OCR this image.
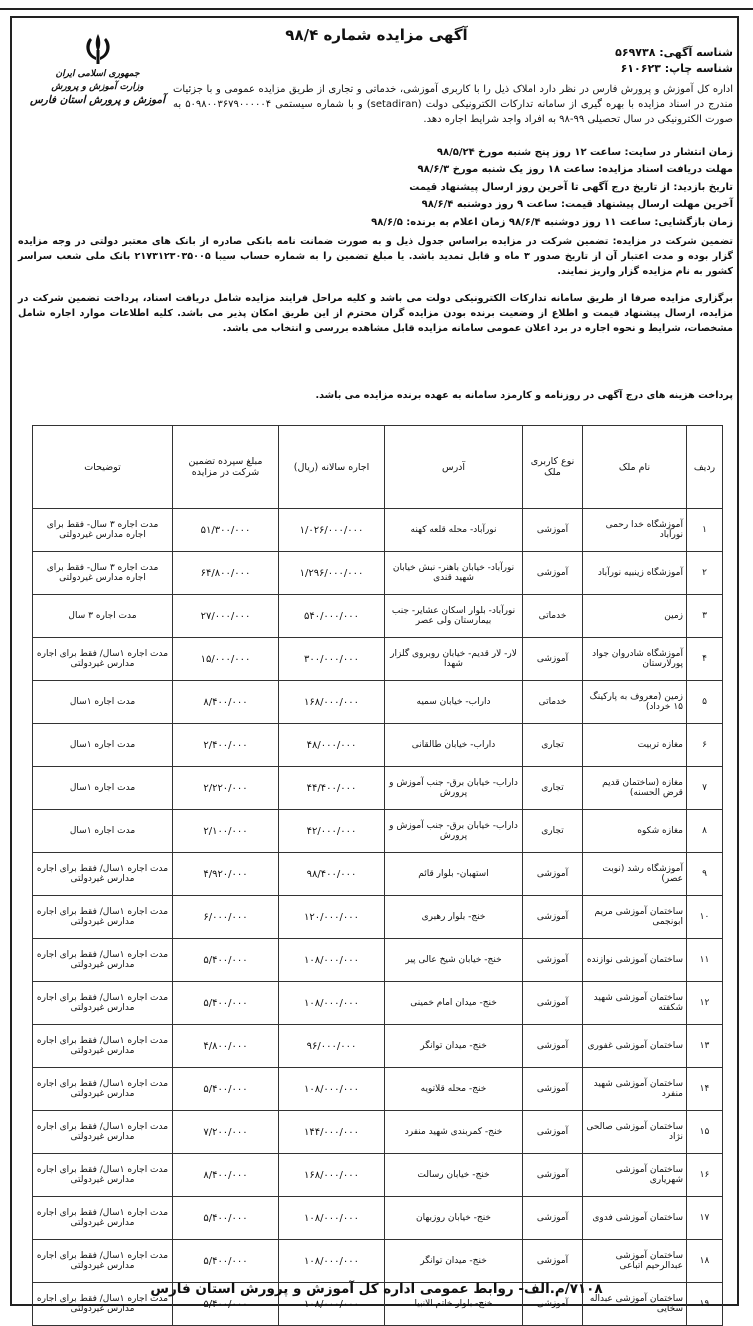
آگهی مزایده شماره ۹۸/۴
شناسه آگهی: ۵۶۹۷۳۸
شناسه چاپ: ۶۱۰۶۲۳
جمهوری اسلامی ایران
وزارت آموزش و پرورش
آموزش و پرورش استان فارس
اداره کل آموزش و پرورش فارس در نظر دارد املاک ذیل را با کاربری آموزشی، خدماتی و تجاری از طریق مزایده عمومی و با جزئیات مندرج در اسناد مزایده با بهره گیری از سامانه تدارکات الکترونیکی دولت (setadiran) و با شماره سیستمی ۵۰۹۸۰۰۳۶۷۹۰۰۰۰۰۴ به صورت الکترونیکی در سال تحصیلی ۹۹-۹۸ به افراد واجد شرایط اجاره دهد.
زمان انتشار در سایت: ساعت ۱۲ روز پنج شنبه مورخ ۹۸/۵/۲۴
مهلت دریافت اسناد مزایده: ساعت ۱۸ روز یک شنبه مورخ ۹۸/۶/۳
تاریخ بازدید: از تاریخ درج آگهی تا آخرین روز ارسال پیشنهاد قیمت
آخرین مهلت ارسال پیشنهاد قیمت: ساعت ۹ روز دوشنبه ۹۸/۶/۴
زمان بازگشایی: ساعت ۱۱ روز دوشنبه ۹۸/۶/۴ زمان اعلام به برنده: ۹۸/۶/۵
تضمین شرکت در مزایده: تضمین شرکت در مزایده براساس جدول ذیل و به صورت ضمانت نامه بانکی صادره از بانک های معتبر دولتی در وجه مزایده گزار بوده و مدت اعتبار آن از تاریخ صدور ۳ ماه و قابل تمدید باشد. یا مبلغ تضمین را به شماره حساب سیبا ۲۱۷۳۱۲۳۰۳۵۰۰۵ بانک ملی شعب سراسر کشور به نام مزایده گزار واریز نمایند.
برگزاری مزایده صرفا از طریق سامانه تدارکات الکترونیکی دولت می باشد و کلیه مراحل فرایند مزایده شامل دریافت اسناد، پرداخت تضمین شرکت در مزایده، ارسال پیشنهاد قیمت و اطلاع از وضعیت برنده بودن مزایده گران محترم از این طریق امکان پذیر می باشد. کلیه اطلاعات موارد اجاره شامل مشخصات، شرایط و نحوه اجاره در برد اعلان عمومی سامانه مزایده قابل مشاهده بررسی و انتخاب می باشد.
پرداخت هزینه های درج آگهی در روزنامه و کارمزد سامانه به عهده برنده مزایده می باشد.
ردیف	نام ملک	نوع کاربری ملک	آدرس	اجاره سالانه (ریال)	مبلغ سپرده تضمین شرکت در مزایده	توضیحات
۱	آموزشگاه خدا رحمی نورآباد	آموزشی	نورآباد- محله قلعه کهنه	۱/۰۲۶/۰۰۰/۰۰۰	۵۱/۳۰۰/۰۰۰	مدت اجاره ۳ سال- فقط برای اجاره مدارس غیردولتی
۲	آموزشگاه زینبیه نورآباد	آموزشی	نورآباد- خیابان باهنر- نبش خیابان شهید قندی	۱/۲۹۶/۰۰۰/۰۰۰	۶۴/۸۰۰/۰۰۰	مدت اجاره ۳ سال- فقط برای اجاره مدارس غیردولتی
۳	زمین	خدماتی	نورآباد- بلوار اسکان عشایر- جنب بیمارستان ولی عصر	۵۴۰/۰۰۰/۰۰۰	۲۷/۰۰۰/۰۰۰	مدت اجاره ۳ سال
۴	آموزشگاه شادروان جواد پورلارستان	آموزشی	لار- لار قدیم- خیابان روبروی گلزار شهدا	۳۰۰/۰۰۰/۰۰۰	۱۵/۰۰۰/۰۰۰	مدت اجاره ۱سال/ فقط برای اجاره مدارس غیردولتی
۵	زمین (معروف به پارکینگ ۱۵ خرداد)	خدماتی	داراب- خیابان سمیه	۱۶۸/۰۰۰/۰۰۰	۸/۴۰۰/۰۰۰	مدت اجاره ۱سال
۶	مغازه تربیت	تجاری	داراب- خیابان طالقانی	۴۸/۰۰۰/۰۰۰	۲/۴۰۰/۰۰۰	مدت اجاره ۱سال
۷	مغازه (ساختمان قدیم قرض الحسنه)	تجاری	داراب- خیابان برق- جنب آموزش و پرورش	۴۴/۴۰۰/۰۰۰	۲/۲۲۰/۰۰۰	مدت اجاره ۱سال
۸	مغازه شکوه	تجاری	داراب- خیابان برق- جنب آموزش و پرورش	۴۲/۰۰۰/۰۰۰	۲/۱۰۰/۰۰۰	مدت اجاره ۱سال
۹	آموزشگاه رشد (نوبت عصر)	آموزشی	استهبان- بلوار قائم	۹۸/۴۰۰/۰۰۰	۴/۹۲۰/۰۰۰	مدت اجاره ۱سال/ فقط برای اجاره مدارس غیردولتی
۱۰	ساختمان آموزشی مریم ابونجمی	آموزشی	خنج- بلوار رهبری	۱۲۰/۰۰۰/۰۰۰	۶/۰۰۰/۰۰۰	مدت اجاره ۱سال/ فقط برای اجاره مدارس غیردولتی
۱۱	ساختمان آموزشی نوازنده	آموزشی	خنج- خیابان شیخ عالی پیر	۱۰۸/۰۰۰/۰۰۰	۵/۴۰۰/۰۰۰	مدت اجاره ۱سال/ فقط برای اجاره مدارس غیردولتی
۱۲	ساختمان آموزشی شهید شکفته	آموزشی	خنج- میدان امام خمینی	۱۰۸/۰۰۰/۰۰۰	۵/۴۰۰/۰۰۰	مدت اجاره ۱سال/ فقط برای اجاره مدارس غیردولتی
۱۳	ساختمان آموزشی غفوری	آموزشی	خنج- میدان توانگر	۹۶/۰۰۰/۰۰۰	۴/۸۰۰/۰۰۰	مدت اجاره ۱سال/ فقط برای اجاره مدارس غیردولتی
۱۴	ساختمان آموزشی شهید منفرد	آموزشی	خنج- محله قلاتویه	۱۰۸/۰۰۰/۰۰۰	۵/۴۰۰/۰۰۰	مدت اجاره ۱سال/ فقط برای اجاره مدارس غیردولتی
۱۵	ساختمان آموزشی صالحی نژاد	آموزشی	خنج- کمربندی شهید منفرد	۱۴۴/۰۰۰/۰۰۰	۷/۲۰۰/۰۰۰	مدت اجاره ۱سال/ فقط برای اجاره مدارس غیردولتی
۱۶	ساختمان آموزشی شهریاری	آموزشی	خنج- خیابان رسالت	۱۶۸/۰۰۰/۰۰۰	۸/۴۰۰/۰۰۰	مدت اجاره ۱سال/ فقط برای اجاره مدارس غیردولتی
۱۷	ساختمان آموزشی فدوی	آموزشی	خنج- خیابان روزبهان	۱۰۸/۰۰۰/۰۰۰	۵/۴۰۰/۰۰۰	مدت اجاره ۱سال/ فقط برای اجاره مدارس غیردولتی
۱۸	ساختمان آموزشی عبدالرحیم اتباعی	آموزشی	خنج- میدان توانگر	۱۰۸/۰۰۰/۰۰۰	۵/۴۰۰/۰۰۰	مدت اجاره ۱سال/ فقط برای اجاره مدارس غیردولتی
۱۹	ساختمان آموزشی عبداله سخایی	آموزشی	خنج- بلوار خاتم الانبیا	۱۰۸/۰۰۰/۰۰۰	۵/۴۰۰/۰۰۰	مدت اجاره ۱سال/ فقط برای اجاره مدارس غیردولتی
۷۱۰۸/م.الف- روابط عمومی اداره کل آموزش و پرورش استان فارس
